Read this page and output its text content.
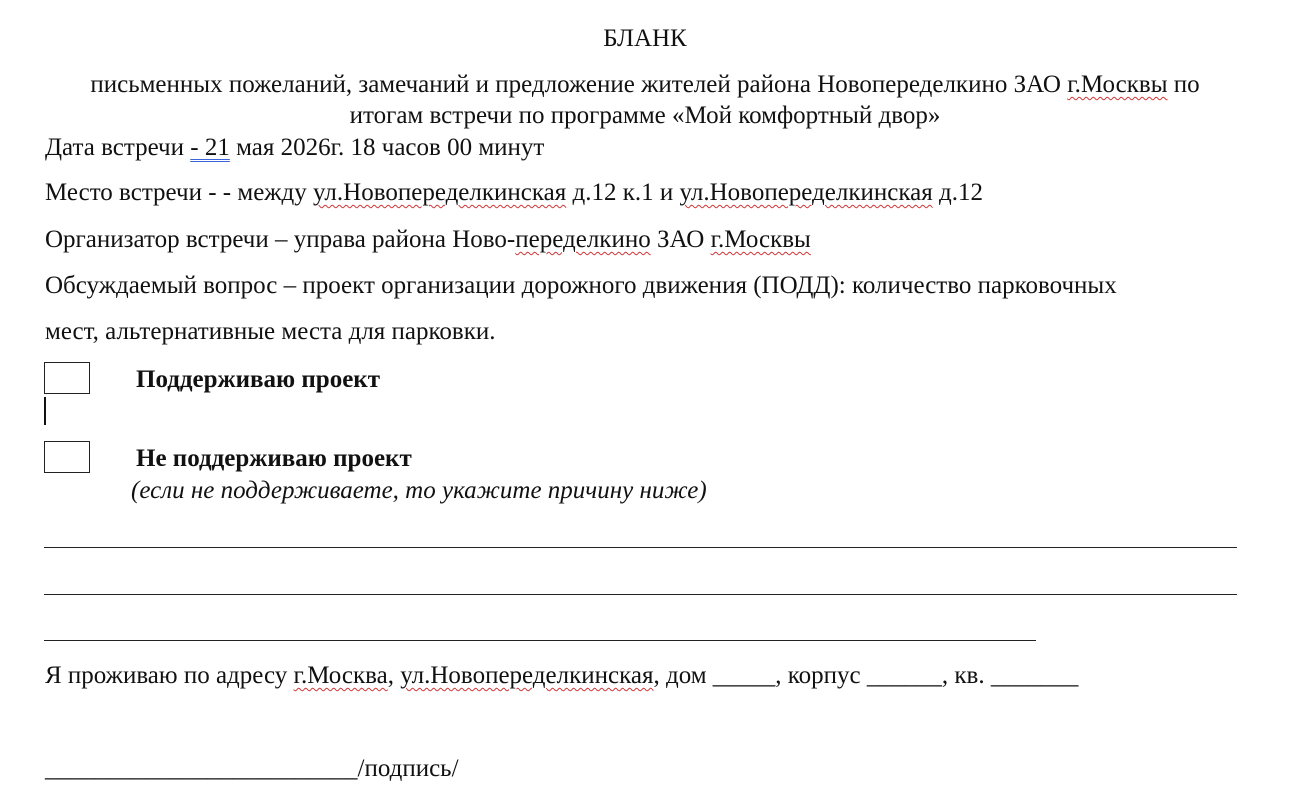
БЛАНК
письменных пожеланий, замечаний и предложение жителей района Новопеределкино ЗАО г.Москвы по
итогам встречи по программе «Мой комфортный двор»
Дата встречи - 21 мая 2026г. 18 часов 00 минут
Место встречи - - между ул.Новопеределкинская д.12 к.1 и ул.Новопеределкинская д.12
Организатор встречи – управа района Ново-переделкино ЗАО г.Москвы
Обсуждаемый вопрос – проект организации дорожного движения (ПОДД): количество парковочных
мест, альтернативные места для парковки.
Поддерживаю проект
Не поддерживаю проект
(если не поддерживаете, то укажите причину ниже)
Я проживаю по адресу г.Москва, ул.Новопеределкинская, дом _____, корпус ______, кв. _______
_________________________/подпись/
